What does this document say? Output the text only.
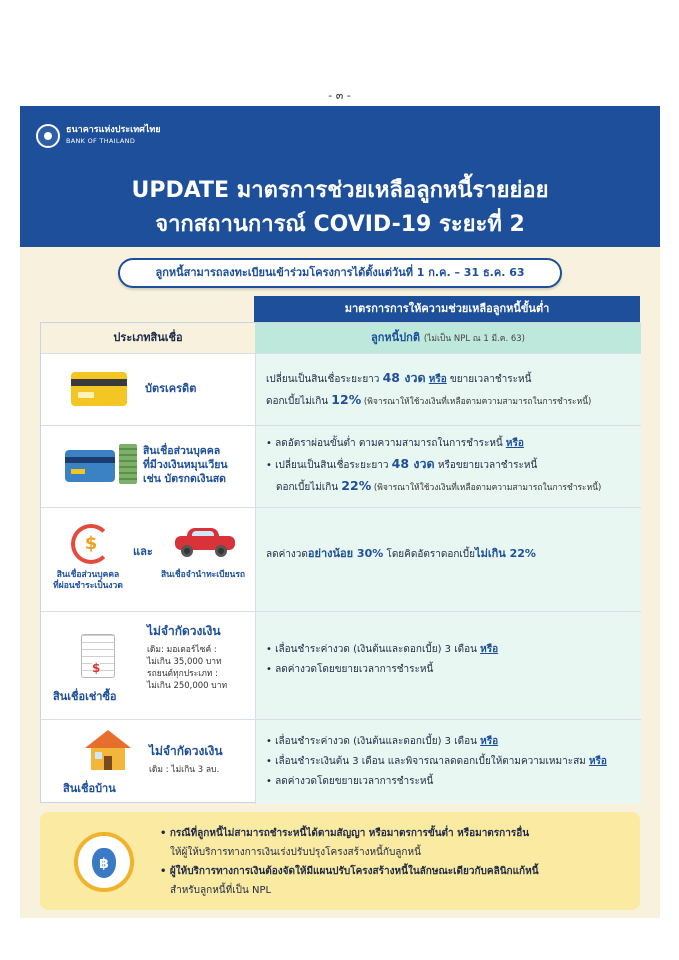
- ๓ -
ธนาคารแห่งประเทศไทย
BANK OF THAILAND
UPDATE มาตรการช่วยเหลือลูกหนี้รายย่อย
จากสถานการณ์ COVID-19 ระยะที่ 2
ลูกหนี้สามารถลงทะเบียนเข้าร่วมโครงการได้ตั้งแต่วันที่ 1 ก.ค. – 31 ธ.ค. 63
มาตรการการให้ความช่วยเหลือลูกหนี้ขั้นต่ำ
ประเภทสินเชื่อ	ลูกหนี้ปกติ (ไม่เป็น NPL ณ 1 มี.ค. 63)
บัตรเครดิต
เปลี่ยนเป็นสินเชื่อระยะยาว 48 งวด หรือ ขยายเวลาชำระหนี้
ดอกเบี้ยไม่เกิน 12% (พิจารณาให้ใช้วงเงินที่เหลือตามความสามารถในการชำระหนี้)
สินเชื่อส่วนบุคคล
ที่มีวงเงินหมุนเวียน
เช่น บัตรกดเงินสด
• ลดอัตราผ่อนขั้นต่ำ ตามความสามารถในการชำระหนี้ หรือ
• เปลี่ยนเป็นสินเชื่อระยะยาว 48 งวด หรือขยายเวลาชำระหนี้
ดอกเบี้ยไม่เกิน 22% (พิจารณาให้ใช้วงเงินที่เหลือตามความสามารถในการชำระหนี้)
$	และ
สินเชื่อส่วนบุคคล
ที่ผ่อนชำระเป็นงวด
สินเชื่อจำนำทะเบียนรถ
ลดค่างวดอย่างน้อย 30% โดยคิดอัตราดอกเบี้ยไม่เกิน 22%
$
สินเชื่อเช่าซื้อ
ไม่จำกัดวงเงิน
เดิม: มอเตอร์ไซค์ :
ไม่เกิน 35,000 บาท
รถยนต์ทุกประเภท :
ไม่เกิน 250,000 บาท
• เลื่อนชำระค่างวด (เงินต้นและดอกเบี้ย) 3 เดือน หรือ
• ลดค่างวดโดยขยายเวลาการชำระหนี้
สินเชื่อบ้าน
ไม่จำกัดวงเงิน
เดิม : ไม่เกิน 3 ลบ.
• เลื่อนชำระค่างวด (เงินต้นและดอกเบี้ย) 3 เดือน หรือ
• เลื่อนชำระเงินต้น 3 เดือน และพิจารณาลดดอกเบี้ยให้ตามความเหมาะสม หรือ
• ลดค่างวดโดยขยายเวลาการชำระหนี้
฿
• กรณีที่ลูกหนี้ไม่สามารถชำระหนี้ได้ตามสัญญา หรือมาตรการขั้นต่ำ หรือมาตรการอื่น
ให้ผู้ให้บริการทางการเงินเร่งปรับปรุงโครงสร้างหนี้กับลูกหนี้
• ผู้ให้บริการทางการเงินต้องจัดให้มีแผนปรับโครงสร้างหนี้ในลักษณะเดียวกับคลินิกแก้หนี้
สำหรับลูกหนี้ที่เป็น NPL
